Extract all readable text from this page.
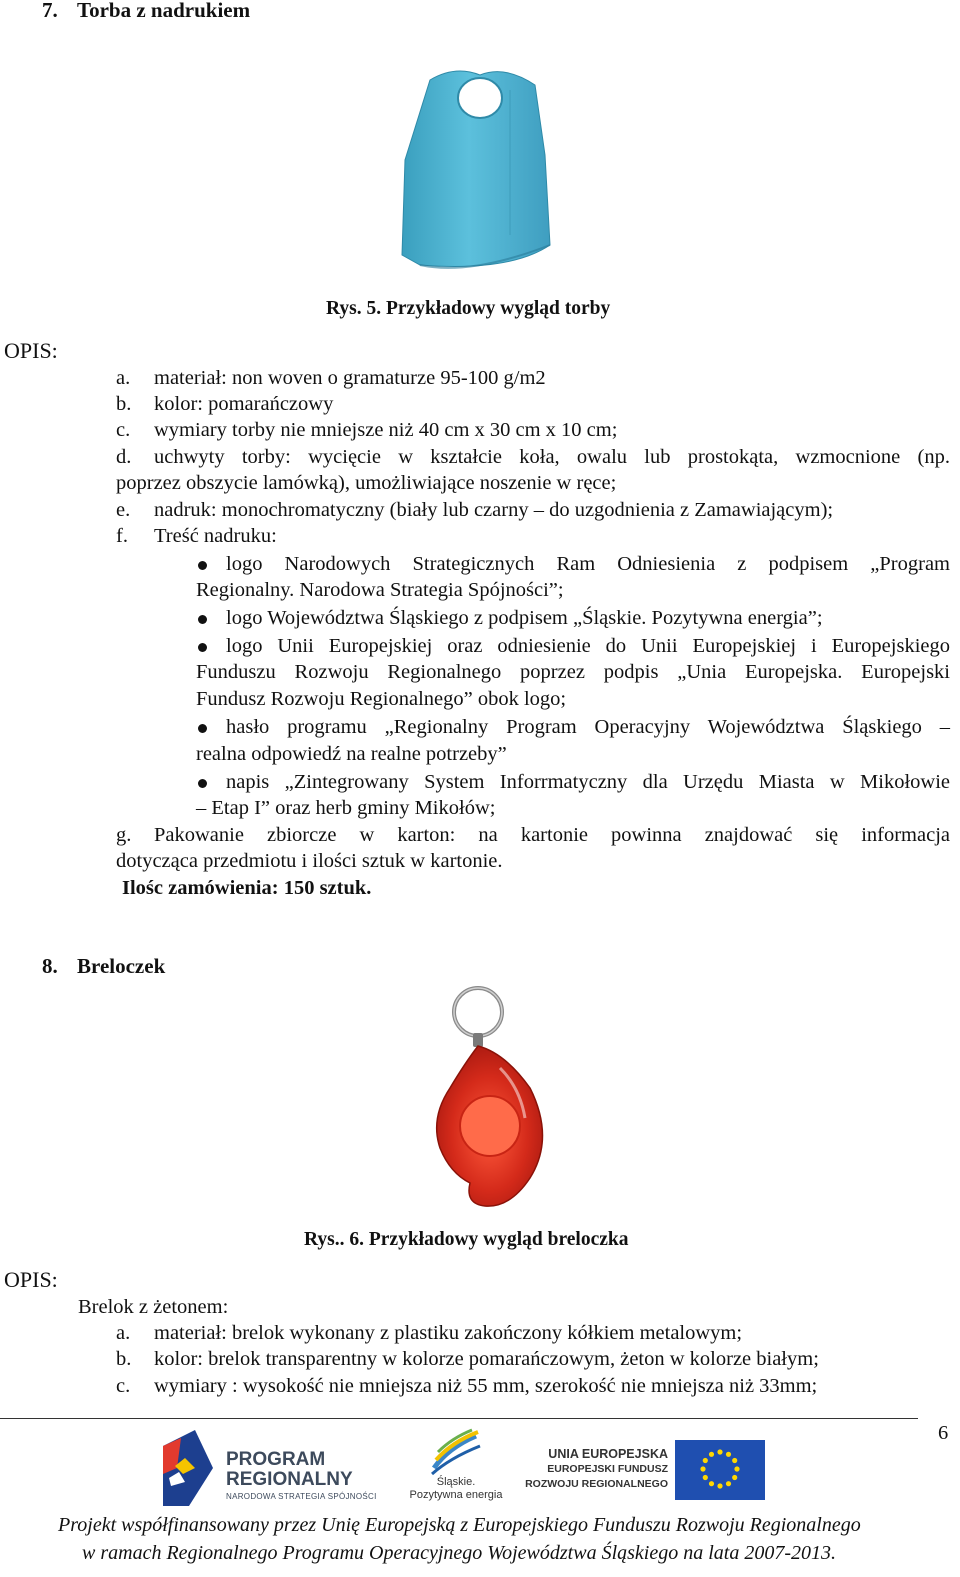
7. Torba z nadrukiem
Rys. 5. Przykładowy wygląd torby
OPIS:
a. materiał: non woven o gramaturze 95-100 g/m2
b. kolor: pomarańczowy
c. wymiary torby nie mniejsze niż 40 cm x 30 cm x 10 cm;
d. uchwyty torby: wycięcie w kształcie koła, owalu lub prostokąta, wzmocnione (np.
poprzez obszycie lamówką), umożliwiające noszenie w ręce;
e. nadruk: monochromatyczny (biały lub czarny – do uzgodnienia z Zamawiającym);
f. Treść nadruku:
logo Narodowych Strategicznych Ram Odniesienia z podpisem „Program
Regionalny. Narodowa Strategia Spójności”;
logo Województwa Śląskiego z podpisem „Śląskie. Pozytywna energia”;
logo Unii Europejskiej oraz odniesienie do Unii Europejskiej i Europejskiego
Funduszu Rozwoju Regionalnego poprzez podpis „Unia Europejska. Europejski
Fundusz Rozwoju Regionalnego” obok logo;
hasło programu „Regionalny Program Operacyjny Województwa Śląskiego –
realna odpowiedź na realne potrzeby”
napis „Zintegrowany System Inforrmatyczny dla Urzędu Miasta w Mikołowie
– Etap I” oraz herb gminy Mikołów;
g. Pakowanie zbiorcze w karton: na kartonie powinna znajdować się informacja
dotycząca przedmiotu i ilości sztuk w kartonie.
Ilośc zamówienia: 150 sztuk.
8. Breloczek
Rys.. 6. Przykładowy wygląd breloczka
OPIS:
Brelok z żetonem:
a. materiał: brelok wykonany z plastiku zakończony kółkiem metalowym;
b. kolor: brelok transparentny w kolorze pomarańczowym, żeton w kolorze białym;
c. wymiary : wysokość nie mniejsza niż 55 mm, szerokość nie mniejsza niż 33mm;
6
PROGRAM
REGIONALNY
NARODOWA STRATEGIA SPÓJNOŚCI
Śląskie.
Pozytywna energia
UNIA EUROPEJSKA
EUROPEJSKI FUNDUSZ
ROZWOJU REGIONALNEGO
Projekt współfinansowany przez Unię Europejską z Europejskiego Funduszu Rozwoju Regionalnego
w ramach Regionalnego Programu Operacyjnego Województwa Śląskiego na lata 2007-2013.
